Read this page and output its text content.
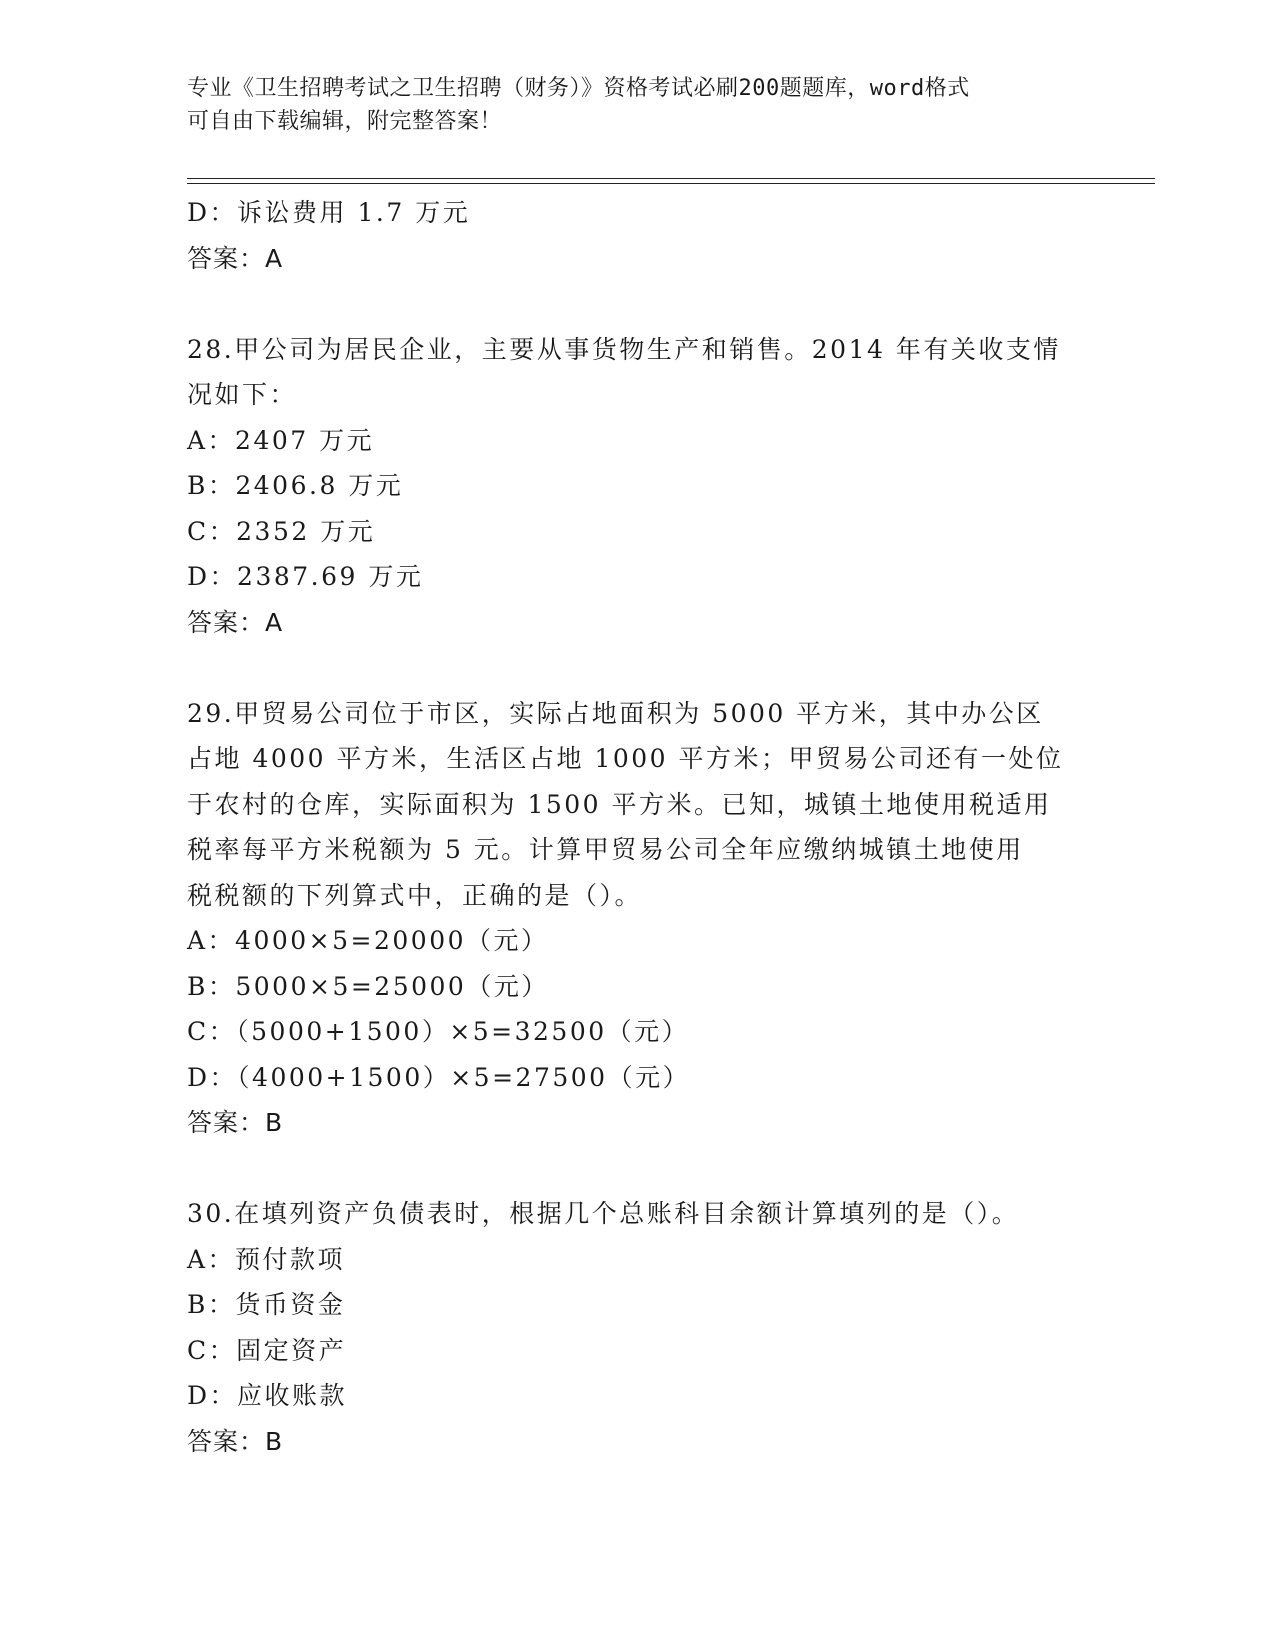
专业《卫生招聘考试之卫生招聘（财务）》资格考试必刷200题题库，word格式
可自由下载编辑，附完整答案！
D：诉讼费用 1.7 万元
答案：A
28.甲公司为居民企业，主要从事货物生产和销售。2014 年有关收支情
况如下：
A：2407 万元
B：2406.8 万元
C：2352 万元
D：2387.69 万元
答案：A
29.甲贸易公司位于市区，实际占地面积为 5000 平方米，其中办公区
占地 4000 平方米，生活区占地 1000 平方米；甲贸易公司还有一处位
于农村的仓库，实际面积为 1500 平方米。已知，城镇土地使用税适用
税率每平方米税额为 5 元。计算甲贸易公司全年应缴纳城镇土地使用
税税额的下列算式中，正确的是（）。
A：4000×5=20000（元）
B：5000×5=25000（元）
C：（5000+1500）×5=32500（元）
D：（4000+1500）×5=27500（元）
答案：B
30.在填列资产负债表时，根据几个总账科目余额计算填列的是（）。
A：预付款项
B：货币资金
C：固定资产
D：应收账款
答案：B
